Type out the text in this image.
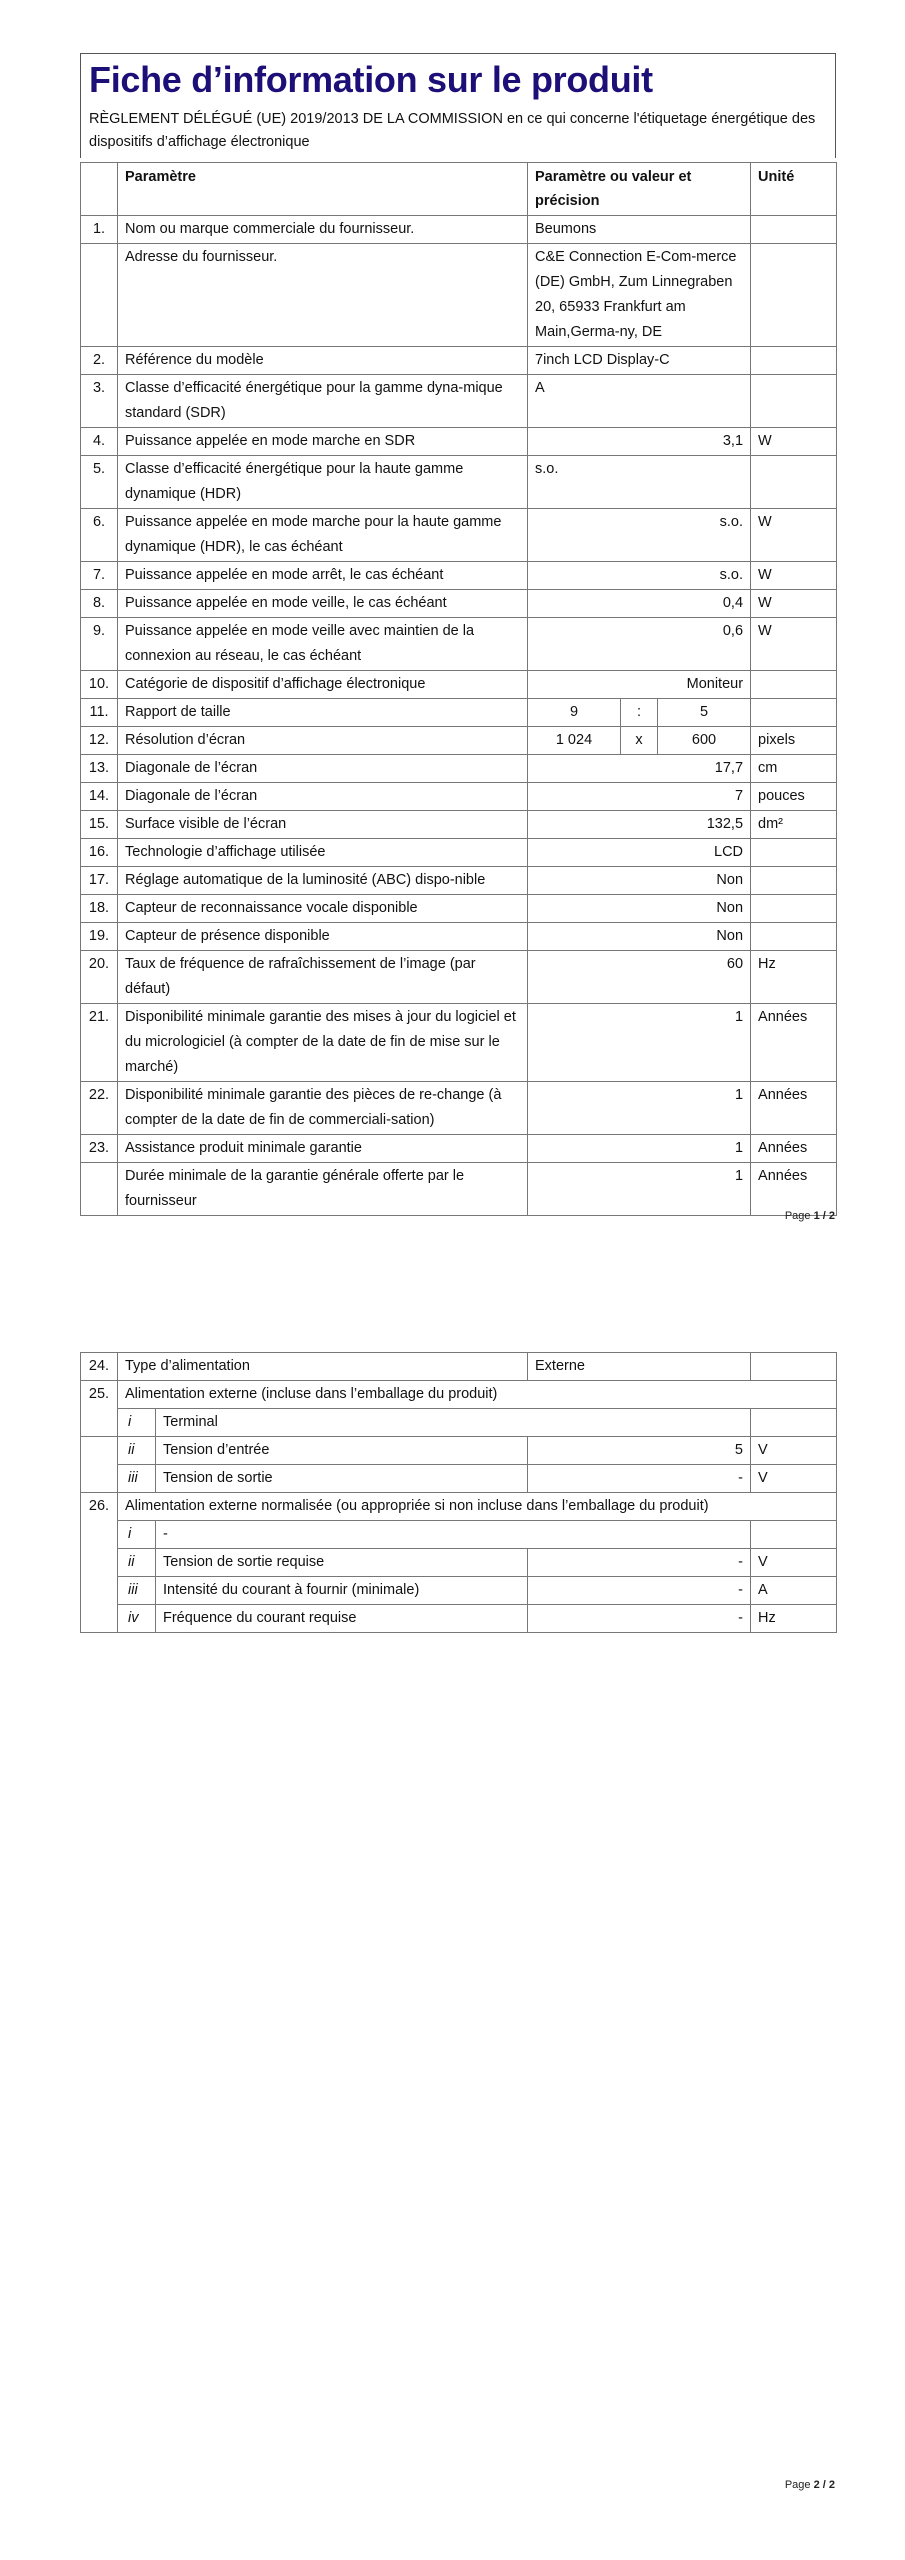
Fiche d’information sur le produit
RÈGLEMENT DÉLÉGUÉ (UE) 2019/2013 DE LA COMMISSION en ce qui concerne l'étiquetage énergétique des dispositifs d’affichage électronique
	Paramètre	Paramètre ou valeur et précision			Unité
1.	Nom ou marque commerciale du fournisseur.	Beumons			
	Adresse du fournisseur.	C&E Connection E-Com-merce (DE) GmbH, Zum Linnegraben 20, 65933 Frankfurt am Main,Germa-ny, DE			
2.	Référence du modèle	7inch LCD Display-C			
3.	Classe d’efficacité énergétique pour la gamme dyna-mique standard (SDR)	A			
4.	Puissance appelée en mode marche en SDR	3,1			W
5.	Classe d’efficacité énergétique pour la haute gamme dynamique (HDR)	s.o.			
6.	Puissance appelée en mode marche pour la haute gamme dynamique (HDR), le cas échéant	s.o.			W
7.	Puissance appelée en mode arrêt, le cas échéant	s.o.			W
8.	Puissance appelée en mode veille, le cas échéant	0,4			W
9.	Puissance appelée en mode veille avec maintien de la connexion au réseau, le cas échéant	0,6			W
10.	Catégorie de dispositif d’affichage électronique	Moniteur			
11.	Rapport de taille	9	:	5	
12.	Résolution d’écran	1 024	x	600	pixels
13.	Diagonale de l’écran	17,7			cm
14.	Diagonale de l’écran	7			pouces
15.	Surface visible de l’écran	132,5			dm²
16.	Technologie d’affichage utilisée	LCD			
17.	Réglage automatique de la luminosité (ABC) dispo-nible	Non			
18.	Capteur de reconnaissance vocale disponible	Non			
19.	Capteur de présence disponible	Non			
20.	Taux de fréquence de rafraîchissement de l’image (par défaut)	60			Hz
21.	Disponibilité minimale garantie des mises à jour du logiciel et du micrologiciel (à compter de la date de fin de mise sur le marché)	1			Années
22.	Disponibilité minimale garantie des pièces de re-change (à compter de la date de fin de commerciali-sation)	1			Années
23.	Assistance produit minimale garantie	1			Années
	Durée minimale de la garantie générale offerte par le fournisseur	1			Années
Page 1 / 2
24.	Type d’alimentation		Externe	
25.	Alimentation externe (incluse dans l’emballage du produit)			
	i	Terminal		
	ii	Tension d’entrée	5	V
	iii	Tension de sortie	-	V
26.	Alimentation externe normalisée (ou appropriée si non incluse dans l’emballage du produit)			
	i	-		
	ii	Tension de sortie requise	-	V
	iii	Intensité du courant à fournir (minimale)	-	A
	iv	Fréquence du courant requise	-	Hz
Page 2 / 2
